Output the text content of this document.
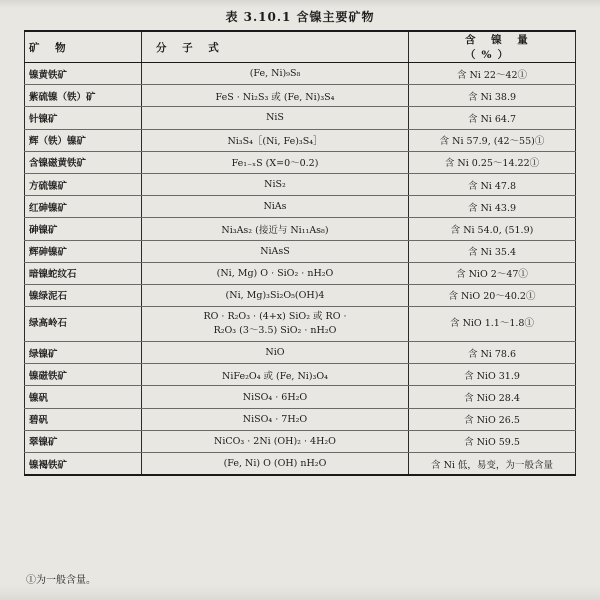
表 3.10.1 含镍主要矿物
矿 物	分 子 式	含 镍 量（%）
镍黄铁矿	(Fe, Ni)₉S₈	含 Ni 22～42①
紫硫镍（铁）矿	FeS · Ni₂S₃ 或 (Fe, Ni)₃S₄	含 Ni 38.9
针镍矿	NiS	含 Ni 64.7
辉（铁）镍矿	Ni₃S₄［(Ni, Fe)₃S₄］	含 Ni 57.9, (42～55)①
含镍磁黄铁矿	Fe₁₋ₓS (X=0～0.2)	含 Ni 0.25～14.22①
方硫镍矿	NiS₂	含 Ni 47.8
红砷镍矿	NiAs	含 Ni 43.9
砷镍矿	Ni₃As₂ (接近与 Ni₁₁As₈)	含 Ni 54.0, (51.9)
辉砷镍矿	NiAsS	含 Ni 35.4
暗镍蛇纹石	(Ni, Mg) O · SiO₂ · nH₂O	含 NiO 2～47①
镍绿泥石	(Ni, Mg)₃Si₂O₅(OH)4	含 NiO 20～40.2①
绿高岭石	RO · R₂O₃ · (4+x) SiO₂ 或 RO ·
R₂O₃ (3～3.5) SiO₂ · nH₂O	含 NiO 1.1～1.8①
绿镍矿	NiO	含 Ni 78.6
镍磁铁矿	NiFe₂O₄ 或 (Fe, Ni)₃O₄	含 NiO 31.9
镍矾	NiSO₄ · 6H₂O	含 NiO 28.4
碧矾	NiSO₄ · 7H₂O	含 NiO 26.5
翠镍矿	NiCO₃ · 2Ni (OH)₂ · 4H₂O	含 NiO 59.5
镍褐铁矿	(Fe, Ni) O (OH) nH₂O	含 Ni 低，易变，为一般含量
①为一般含量。
